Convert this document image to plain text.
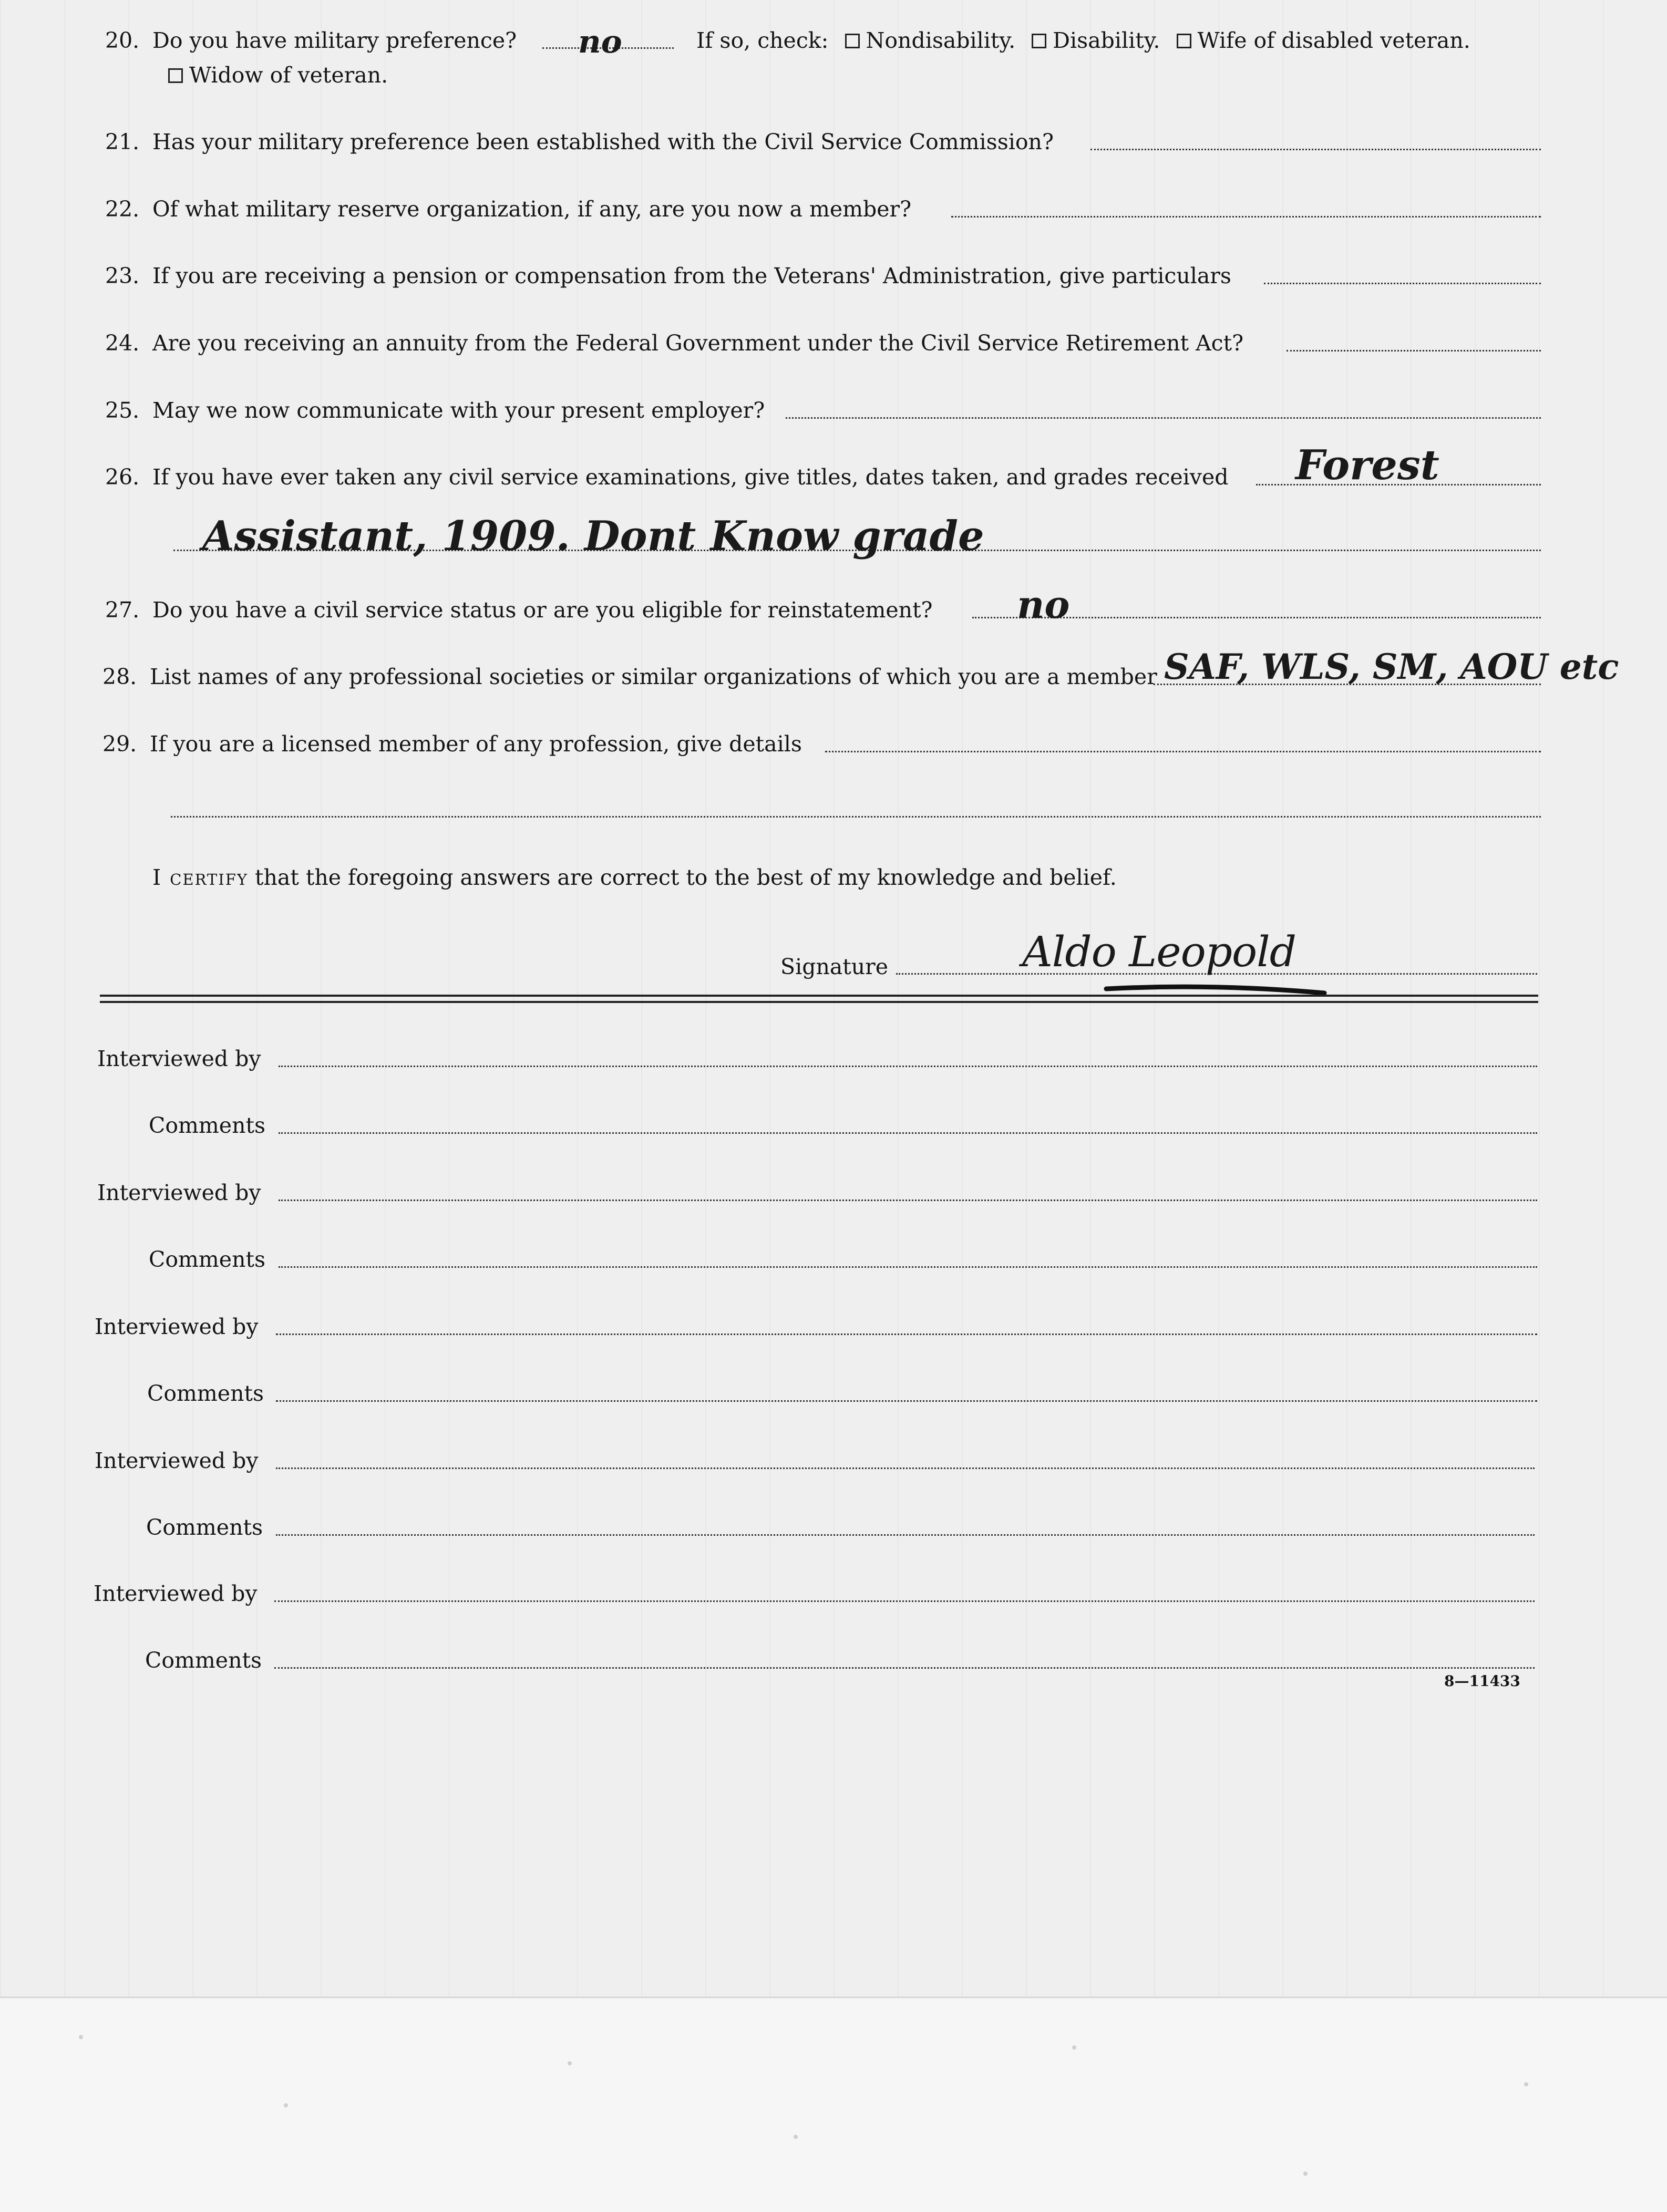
20. Do you have military preference? no	If so, check: Nondisability. Disability. Wife of disabled veteran.
Widow of veteran.
21. Has your military preference been established with the Civil Service Commission?
22. Of what military reserve organization, if any, are you now a member?
23. If you are receiving a pension or compensation from the Veterans' Administration, give particulars
24. Are you receiving an annuity from the Federal Government under the Civil Service Retirement Act?
25. May we now communicate with your present employer?
26. If you have ever taken any civil service examinations, give titles, dates taken, and grades received Forest
Assistant, 1909. Dont Know grade
27. Do you have a civil service status or are you eligible for reinstatement? no
28. List names of any professional societies or similar organizations of which you are a member SAF, WLS, SM, AOU etc
29. If you are a licensed member of any profession, give details
I certify that the foregoing answers are correct to the best of my knowledge and belief.
Signature	Aldo Leopold
Interviewed by
Comments
Interviewed by
Comments
Interviewed by
Comments
Interviewed by
Comments
Interviewed by
Comments
8—11433
